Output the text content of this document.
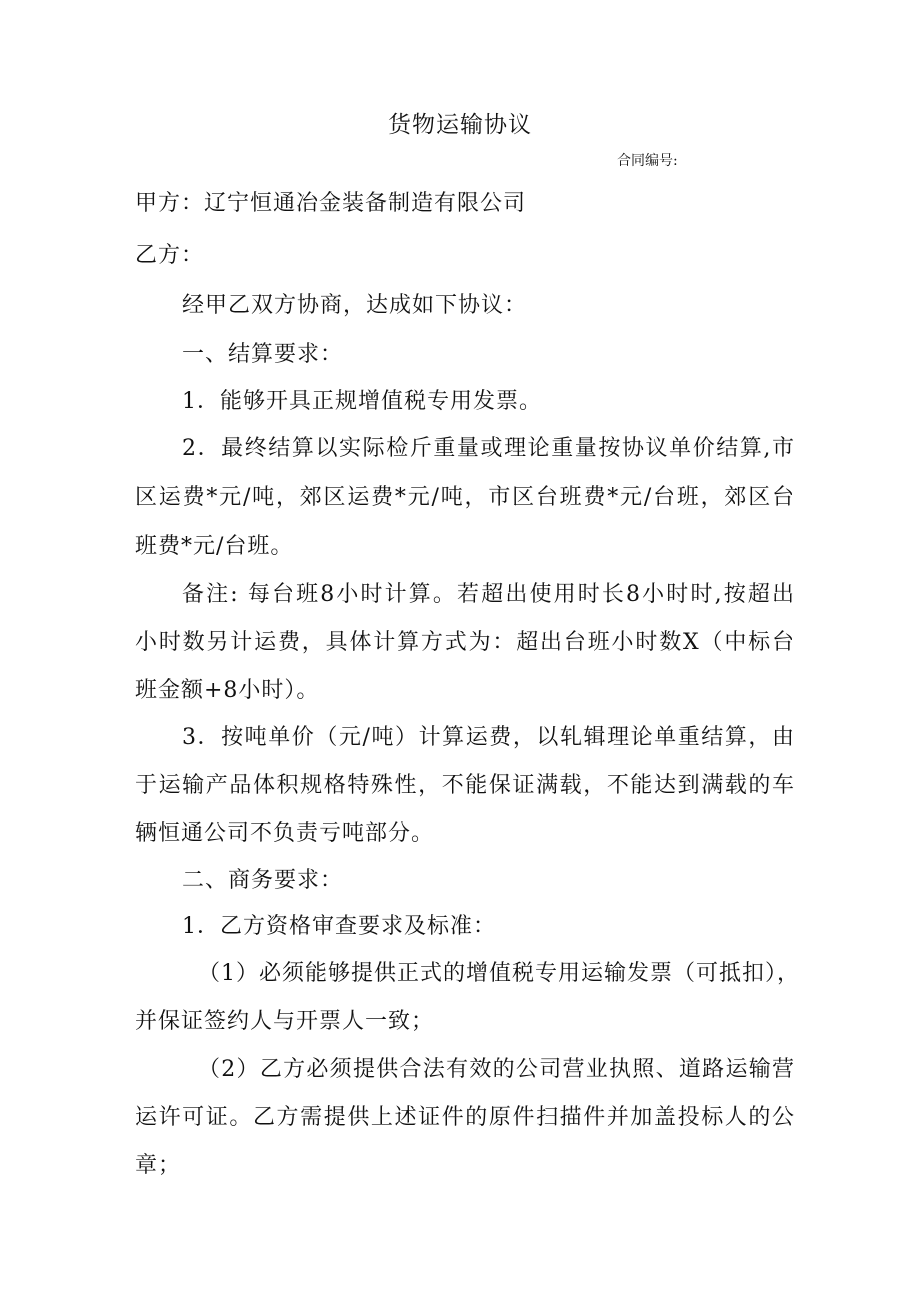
货物运输协议
合同编号:
甲方：辽宁恒通冶金装备制造有限公司
乙方：
经甲乙双方协商，达成如下协议：
一、结算要求：
1．能够开具正规增值税专用发票。
2．最终结算以实际检斤重量或理论重量按协议单价结算,市
区运费*元/吨，郊区运费*元/吨，市区台班费*元/台班，郊区台
班费*元/台班。
备注: 每台班8小时计算。若超出使用时长8小时时,按超出
小时数另计运费，具体计算方式为：超出台班小时数X（中标台
班金额+8小时）。
3．按吨单价（元/吨）计算运费，以轧辑理论单重结算，由
于运输产品体积规格特殊性，不能保证满载，不能达到满载的车
辆恒通公司不负责亏吨部分。
二、商务要求：
1．乙方资格审查要求及标准：
（1）必须能够提供正式的增值税专用运输发票（可抵扣），
并保证签约人与开票人一致；
（2）乙方必须提供合法有效的公司营业执照、道路运输营
运许可证。乙方需提供上述证件的原件扫描件并加盖投标人的公
章；
